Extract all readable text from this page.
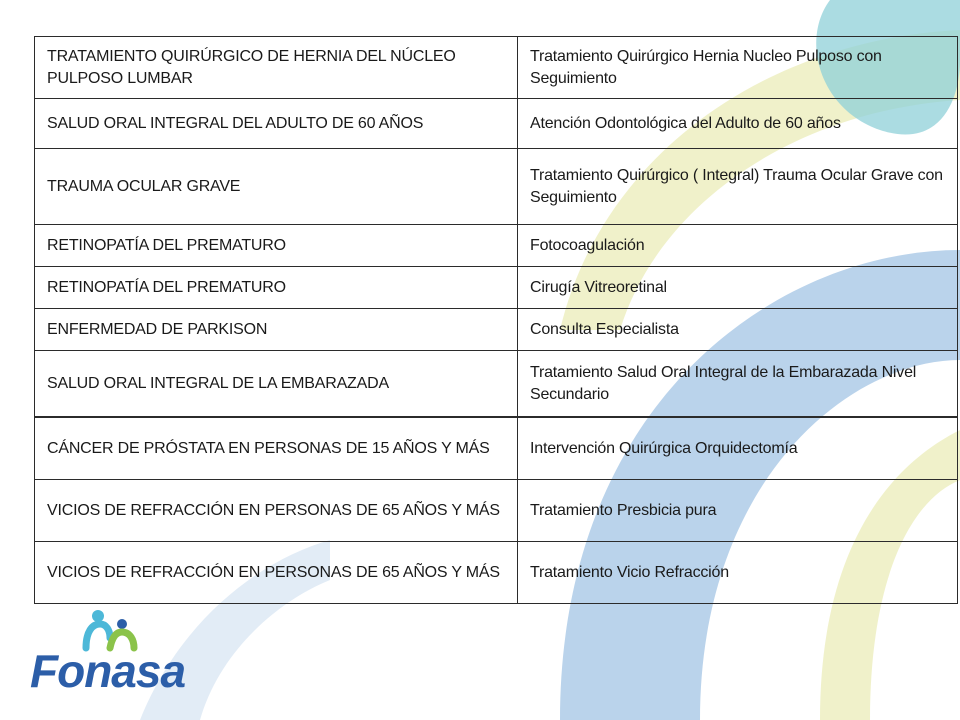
TRATAMIENTO QUIRÚRGICO DE HERNIA DEL NÚCLEO PULPOSO LUMBAR	Tratamiento Quirúrgico Hernia Nucleo Pulposo con Seguimiento
SALUD ORAL INTEGRAL DEL ADULTO DE 60 AÑOS	Atención Odontológica del Adulto de 60 años
TRAUMA OCULAR GRAVE	Tratamiento Quirúrgico ( Integral) Trauma Ocular Grave con Seguimiento
RETINOPATÍA DEL PREMATURO	Fotocoagulación
RETINOPATÍA DEL PREMATURO	Cirugía Vitreoretinal
ENFERMEDAD DE PARKISON	Consulta Especialista
SALUD ORAL INTEGRAL DE LA EMBARAZADA	Tratamiento Salud Oral Integral de la Embarazada Nivel Secundario
CÁNCER DE PRÓSTATA EN PERSONAS DE 15 AÑOS Y MÁS	Intervención Quirúrgica Orquidectomía
VICIOS DE REFRACCIÓN EN PERSONAS DE 65 AÑOS Y MÁS	Tratamiento Presbicia pura
VICIOS DE REFRACCIÓN EN PERSONAS DE 65 AÑOS Y MÁS	Tratamiento Vicio Refracción
Fonasa
